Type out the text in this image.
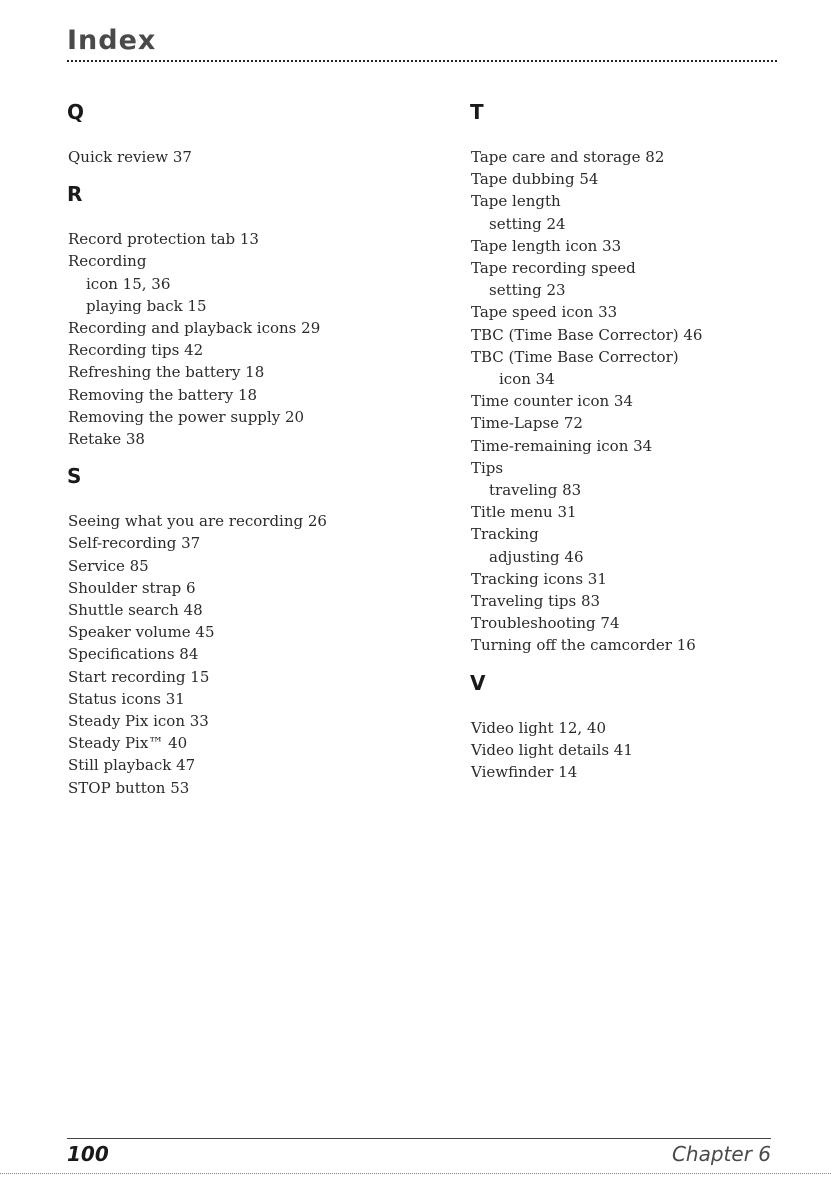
Index
Q
Quick review 37
R
Record protection tab 13
Recording
icon 15, 36
playing back 15
Recording and playback icons 29
Recording tips 42
Refreshing the battery 18
Removing the battery 18
Removing the power supply 20
Retake 38
S
Seeing what you are recording 26
Self-recording 37
Service 85
Shoulder strap 6
Shuttle search 48
Speaker volume 45
Specifications 84
Start recording 15
Status icons 31
Steady Pix icon 33
Steady Pix™ 40
Still playback 47
STOP button 53
T
Tape care and storage 82
Tape dubbing 54
Tape length
setting 24
Tape length icon 33
Tape recording speed
setting 23
Tape speed icon 33
TBC (Time Base Corrector) 46
TBC (Time Base Corrector)
icon 34
Time counter icon 34
Time-Lapse 72
Time-remaining icon 34
Tips
traveling 83
Title menu 31
Tracking
adjusting 46
Tracking icons 31
Traveling tips 83
Troubleshooting 74
Turning off the camcorder 16
V
Video light 12, 40
Video light details 41
Viewfinder 14
100	Chapter 6
